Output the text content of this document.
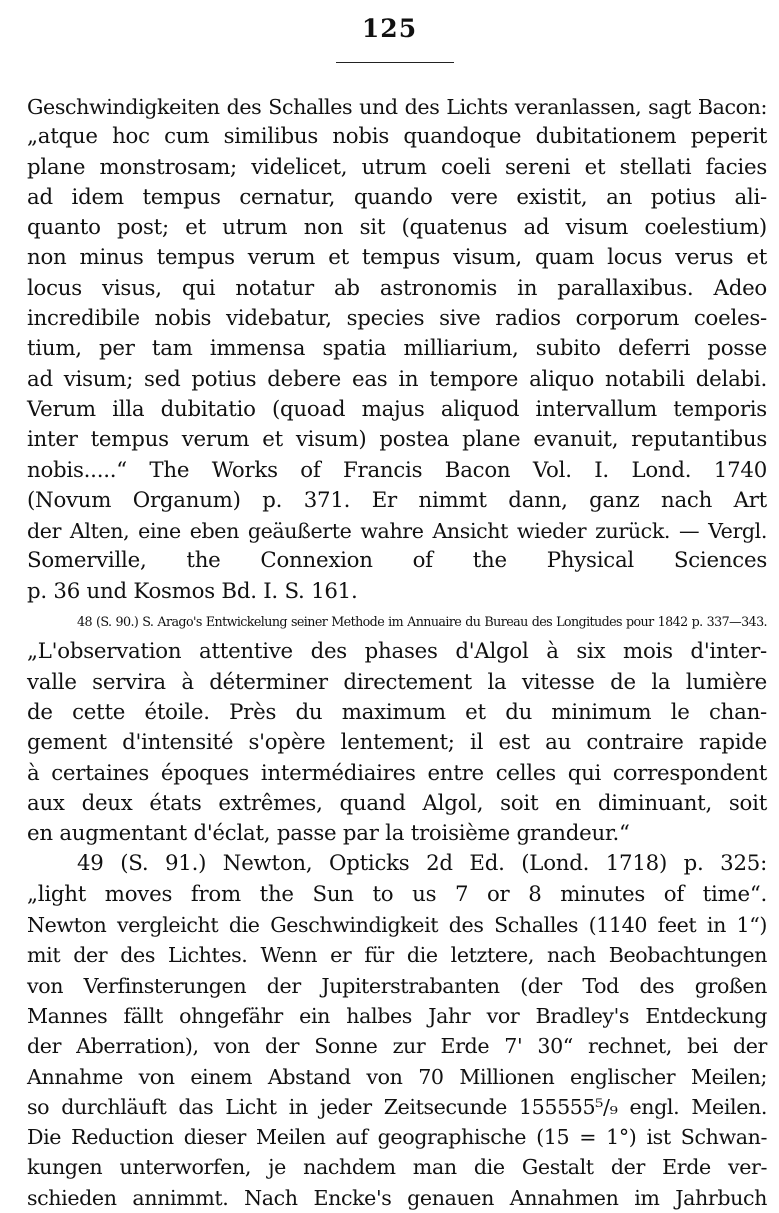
125
Geschwindigkeiten des Schalles und des Lichts veranlassen, sagt Bacon:
„atque hoc cum similibus nobis quandoque dubitationem peperit
plane monstrosam; videlicet, utrum coeli sereni et stellati facies
ad idem tempus cernatur, quando vere existit, an potius ali-
quanto post; et utrum non sit (quatenus ad visum coelestium)
non minus tempus verum et tempus visum, quam locus verus et
locus visus, qui notatur ab astronomis in parallaxibus. Adeo
incredibile nobis videbatur, species sive radios corporum coeles-
tium, per tam immensa spatia milliarium, subito deferri posse
ad visum; sed potius debere eas in tempore aliquo notabili delabi.
Verum illa dubitatio (quoad majus aliquod intervallum temporis
inter tempus verum et visum) postea plane evanuit, reputantibus
nobis.....“ The Works of Francis Bacon Vol. I. Lond. 1740
(Novum Organum) p. 371. Er nimmt dann, ganz nach Art
der Alten, eine eben geäußerte wahre Ansicht wieder zurück. — Vergl.
Somerville, the Connexion of the Physical Sciences
p. 36 und Kosmos Bd. I. S. 161.
48 (S. 90.) S. Arago's Entwickelung seiner Methode im Annuaire du Bureau des Longitudes pour 1842 p. 337—343.
„L'observation attentive des phases d'Algol à six mois d'inter-
valle servira à déterminer directement la vitesse de la lumière
de cette étoile. Près du maximum et du minimum le chan-
gement d'intensité s'opère lentement; il est au contraire rapide
à certaines époques intermédiaires entre celles qui correspondent
aux deux états extrêmes, quand Algol, soit en diminuant, soit
en augmentant d'éclat, passe par la troisième grandeur.“
49 (S. 91.) Newton, Opticks 2d Ed. (Lond. 1718) p. 325:
„light moves from the Sun to us 7 or 8 minutes of time“.
Newton vergleicht die Geschwindigkeit des Schalles (1140 feet in 1“)
mit der des Lichtes. Wenn er für die letztere, nach Beobachtungen
von Verfinsterungen der Jupiterstrabanten (der Tod des großen
Mannes fällt ohngefähr ein halbes Jahr vor Bradley's Entdeckung
der Aberration), von der Sonne zur Erde 7' 30“ rechnet, bei der
Annahme von einem Abstand von 70 Millionen englischer Meilen;
so durchläuft das Licht in jeder Zeitsecunde 155555⁵/₉ engl. Meilen.
Die Reduction dieser Meilen auf geographische (15 = 1°) ist Schwan-
kungen unterworfen, je nachdem man die Gestalt der Erde ver-
schieden annimmt. Nach Encke's genauen Annahmen im Jahrbuch
